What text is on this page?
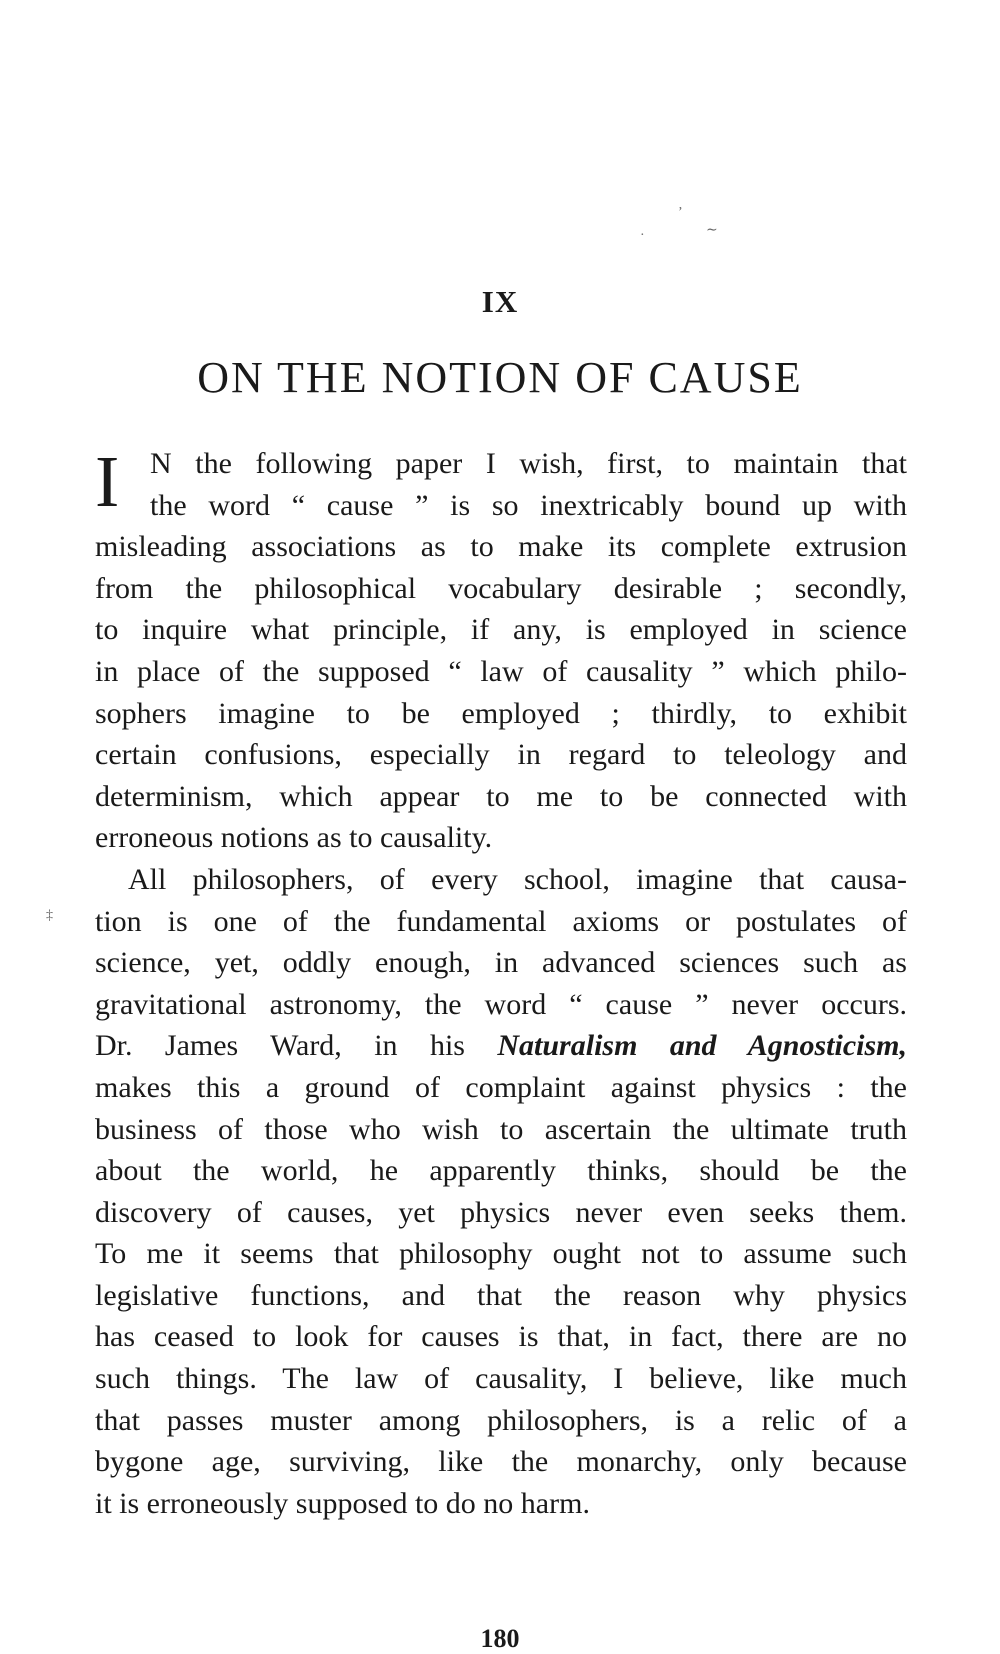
IX
ON THE NOTION OF CAUSE
I	N the following paper I wish, first, to maintain that
the word “ cause ” is so inextricably bound up with
misleading associations as to make its complete extrusion
from the philosophical vocabulary desirable ; secondly,
to inquire what principle, if any, is employed in science
in place of the supposed “ law of causality ” which philo-
sophers imagine to be employed ; thirdly, to exhibit
certain confusions, especially in regard to teleology and
determinism, which appear to me to be connected with
erroneous notions as to causality.
All philosophers, of every school, imagine that causa-
tion is one of the fundamental axioms or postulates of
science, yet, oddly enough, in advanced sciences such as
gravitational astronomy, the word “ cause ” never occurs.
Dr. James Ward, in his Naturalism and Agnosticism,
makes this a ground of complaint against physics : the
business of those who wish to ascertain the ultimate truth
about the world, he apparently thinks, should be the
discovery of causes, yet physics never even seeks them.
To me it seems that philosophy ought not to assume such
legislative functions, and that the reason why physics
has ceased to look for causes is that, in fact, there are no
such things. The law of causality, I believe, like much
that passes muster among philosophers, is a relic of a
bygone age, surviving, like the monarchy, only because
it is erroneously supposed to do no harm.
180
’
·	∼
‡
